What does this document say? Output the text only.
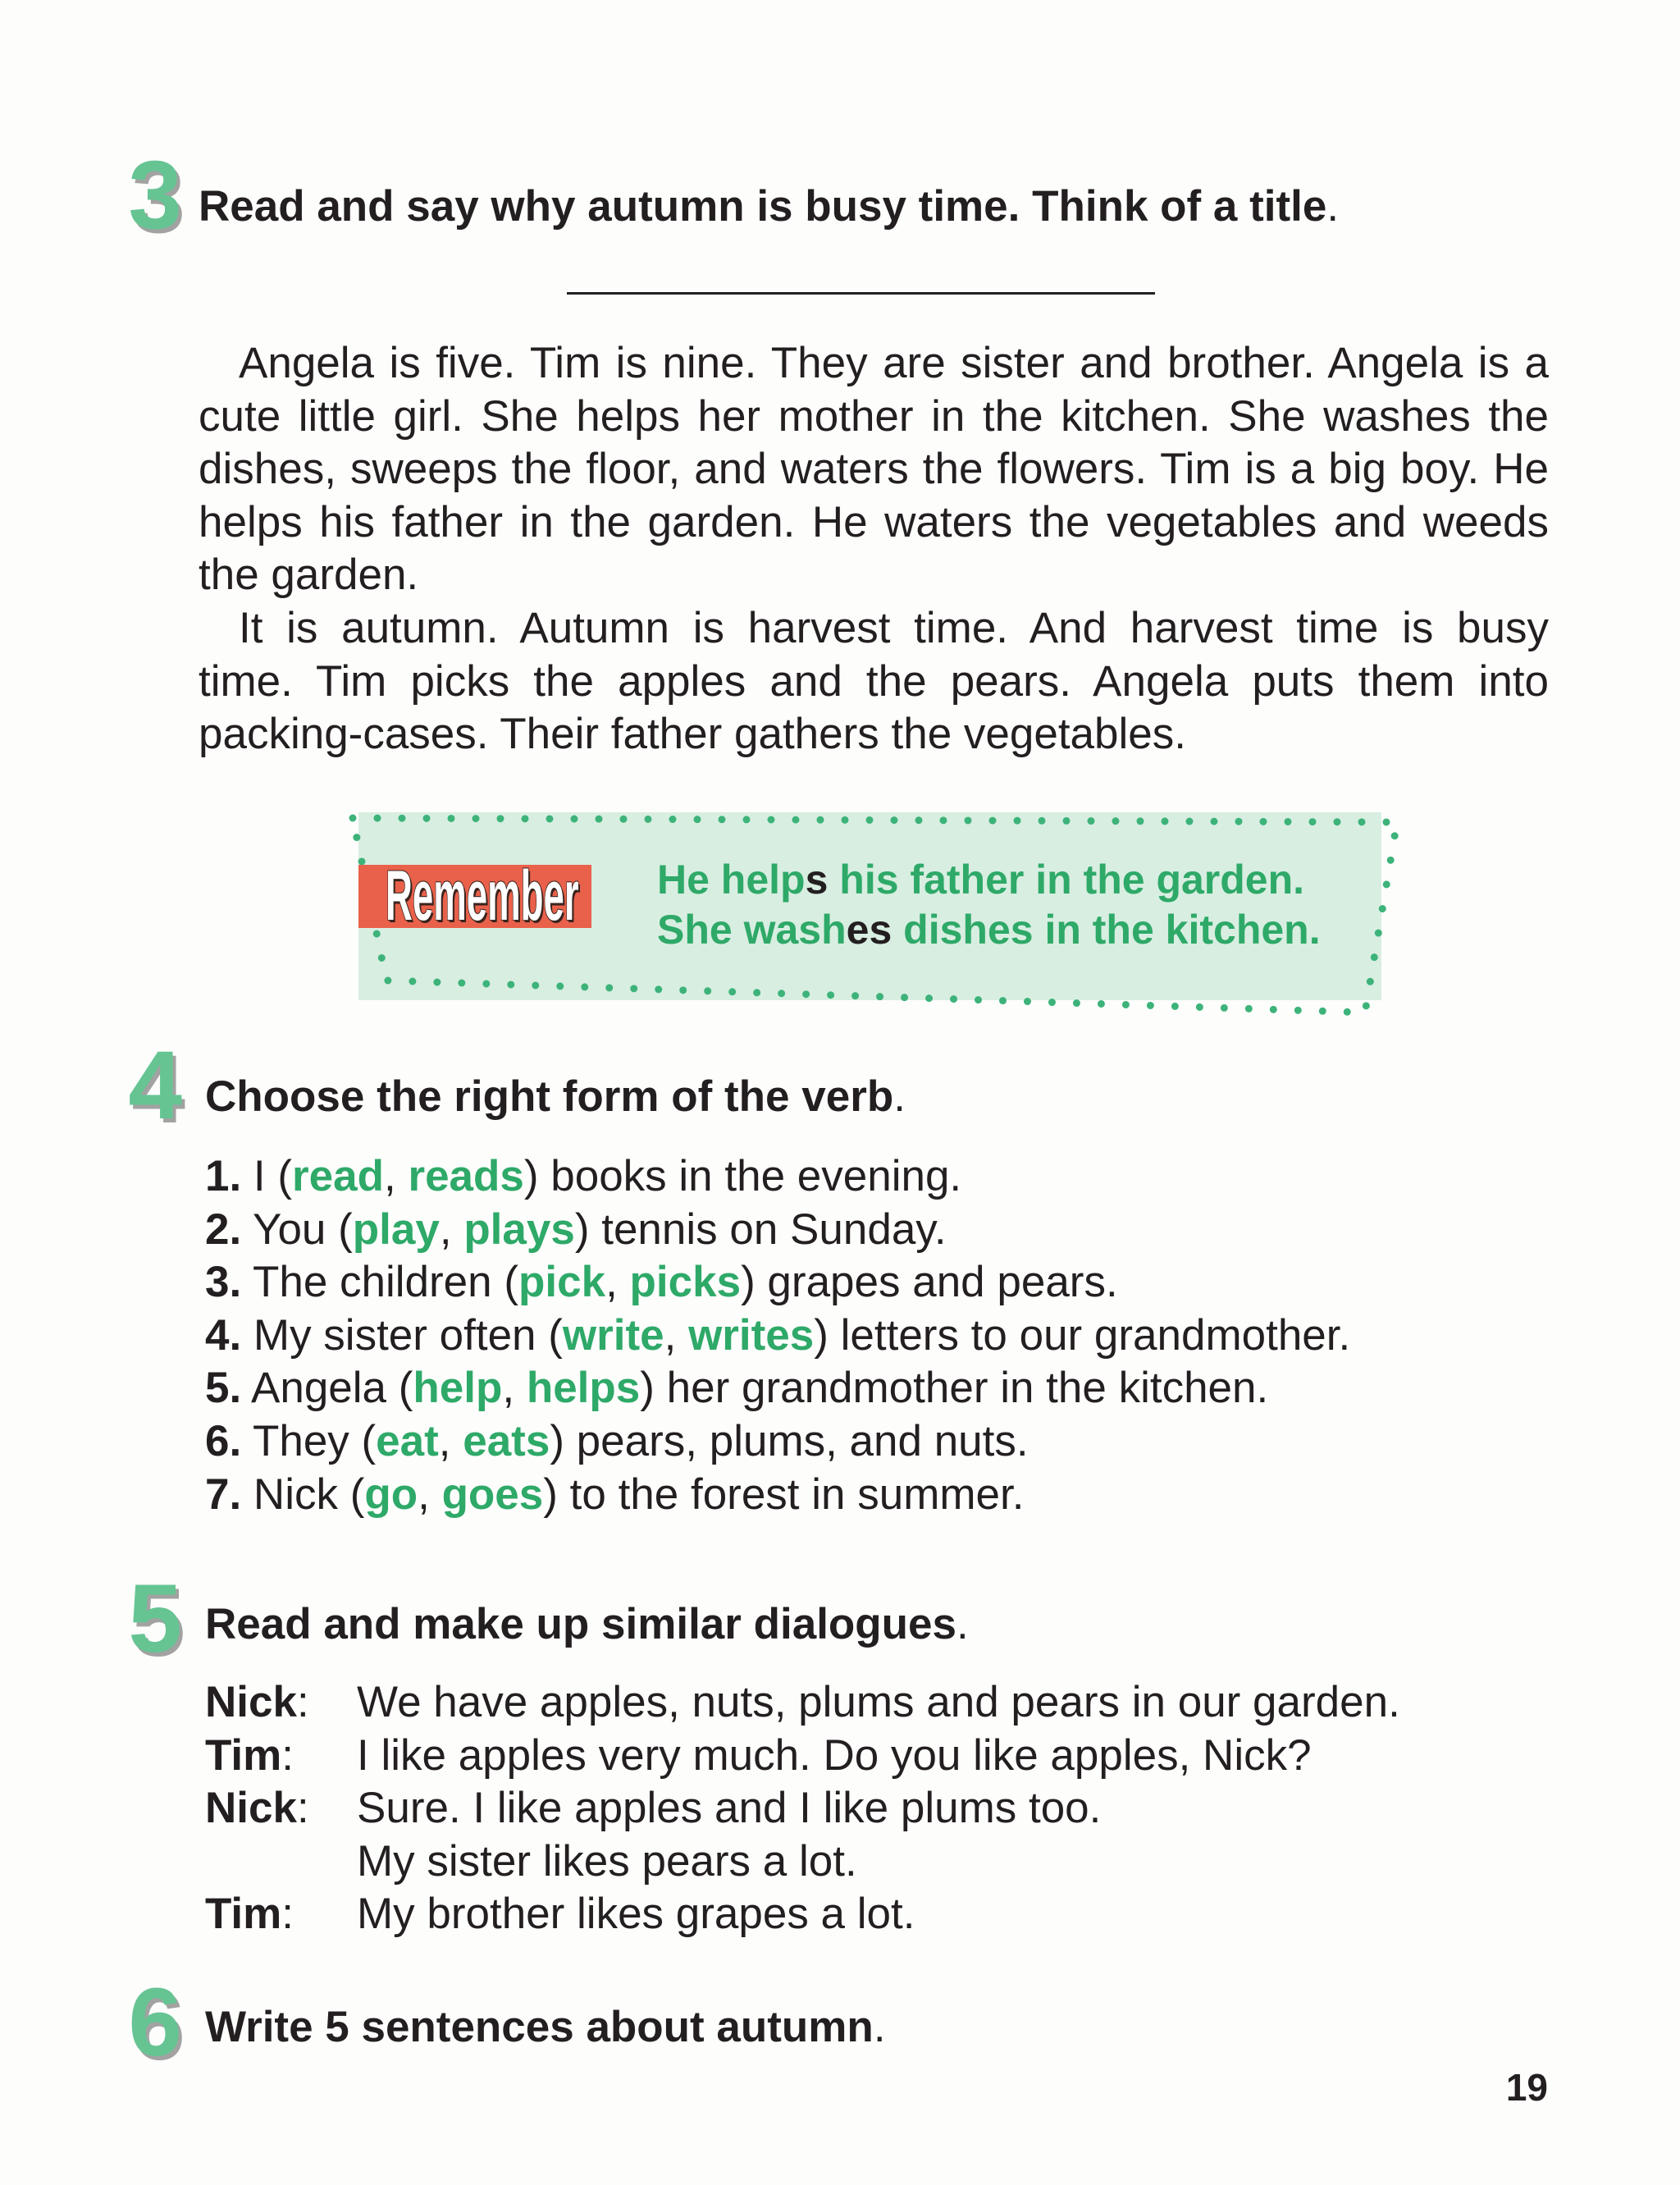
3 Read and say why autumn is busy time. Think of a title.
Angela is five. Tim is nine. They are sister and brother. Angela is a
cute little girl. She helps her mother in the kitchen. She washes the
dishes, sweeps the floor, and waters the flowers. Tim is a big boy. He
helps his father in the garden. He waters the vegetables and weeds
the garden.
It is autumn. Autumn is harvest time. And harvest time is busy
time. Tim picks the apples and the pears. Angela puts them into
packing-cases. Their father gathers the vegetables.
Remember He helps his father in the garden.
She washes dishes in the kitchen.
4 Choose the right form of the verb.
1. I (read, reads) books in the evening.
2. You (play, plays) tennis on Sunday.
3. The children (pick, picks) grapes and pears.
4. My sister often (write, writes) letters to our grandmother.
5. Angela (help, helps) her grandmother in the kitchen.
6. They (eat, eats) pears, plums, and nuts.
7. Nick (go, goes) to the forest in summer.
5 Read and make up similar dialogues.
Nick: We have apples, nuts, plums and pears in our garden.
Tim: I like apples very much. Do you like apples, Nick?
Nick: Sure. I like apples and I like plums too.
My sister likes pears a lot.
Tim: My brother likes grapes a lot.
6 Write 5 sentences about autumn.
19
